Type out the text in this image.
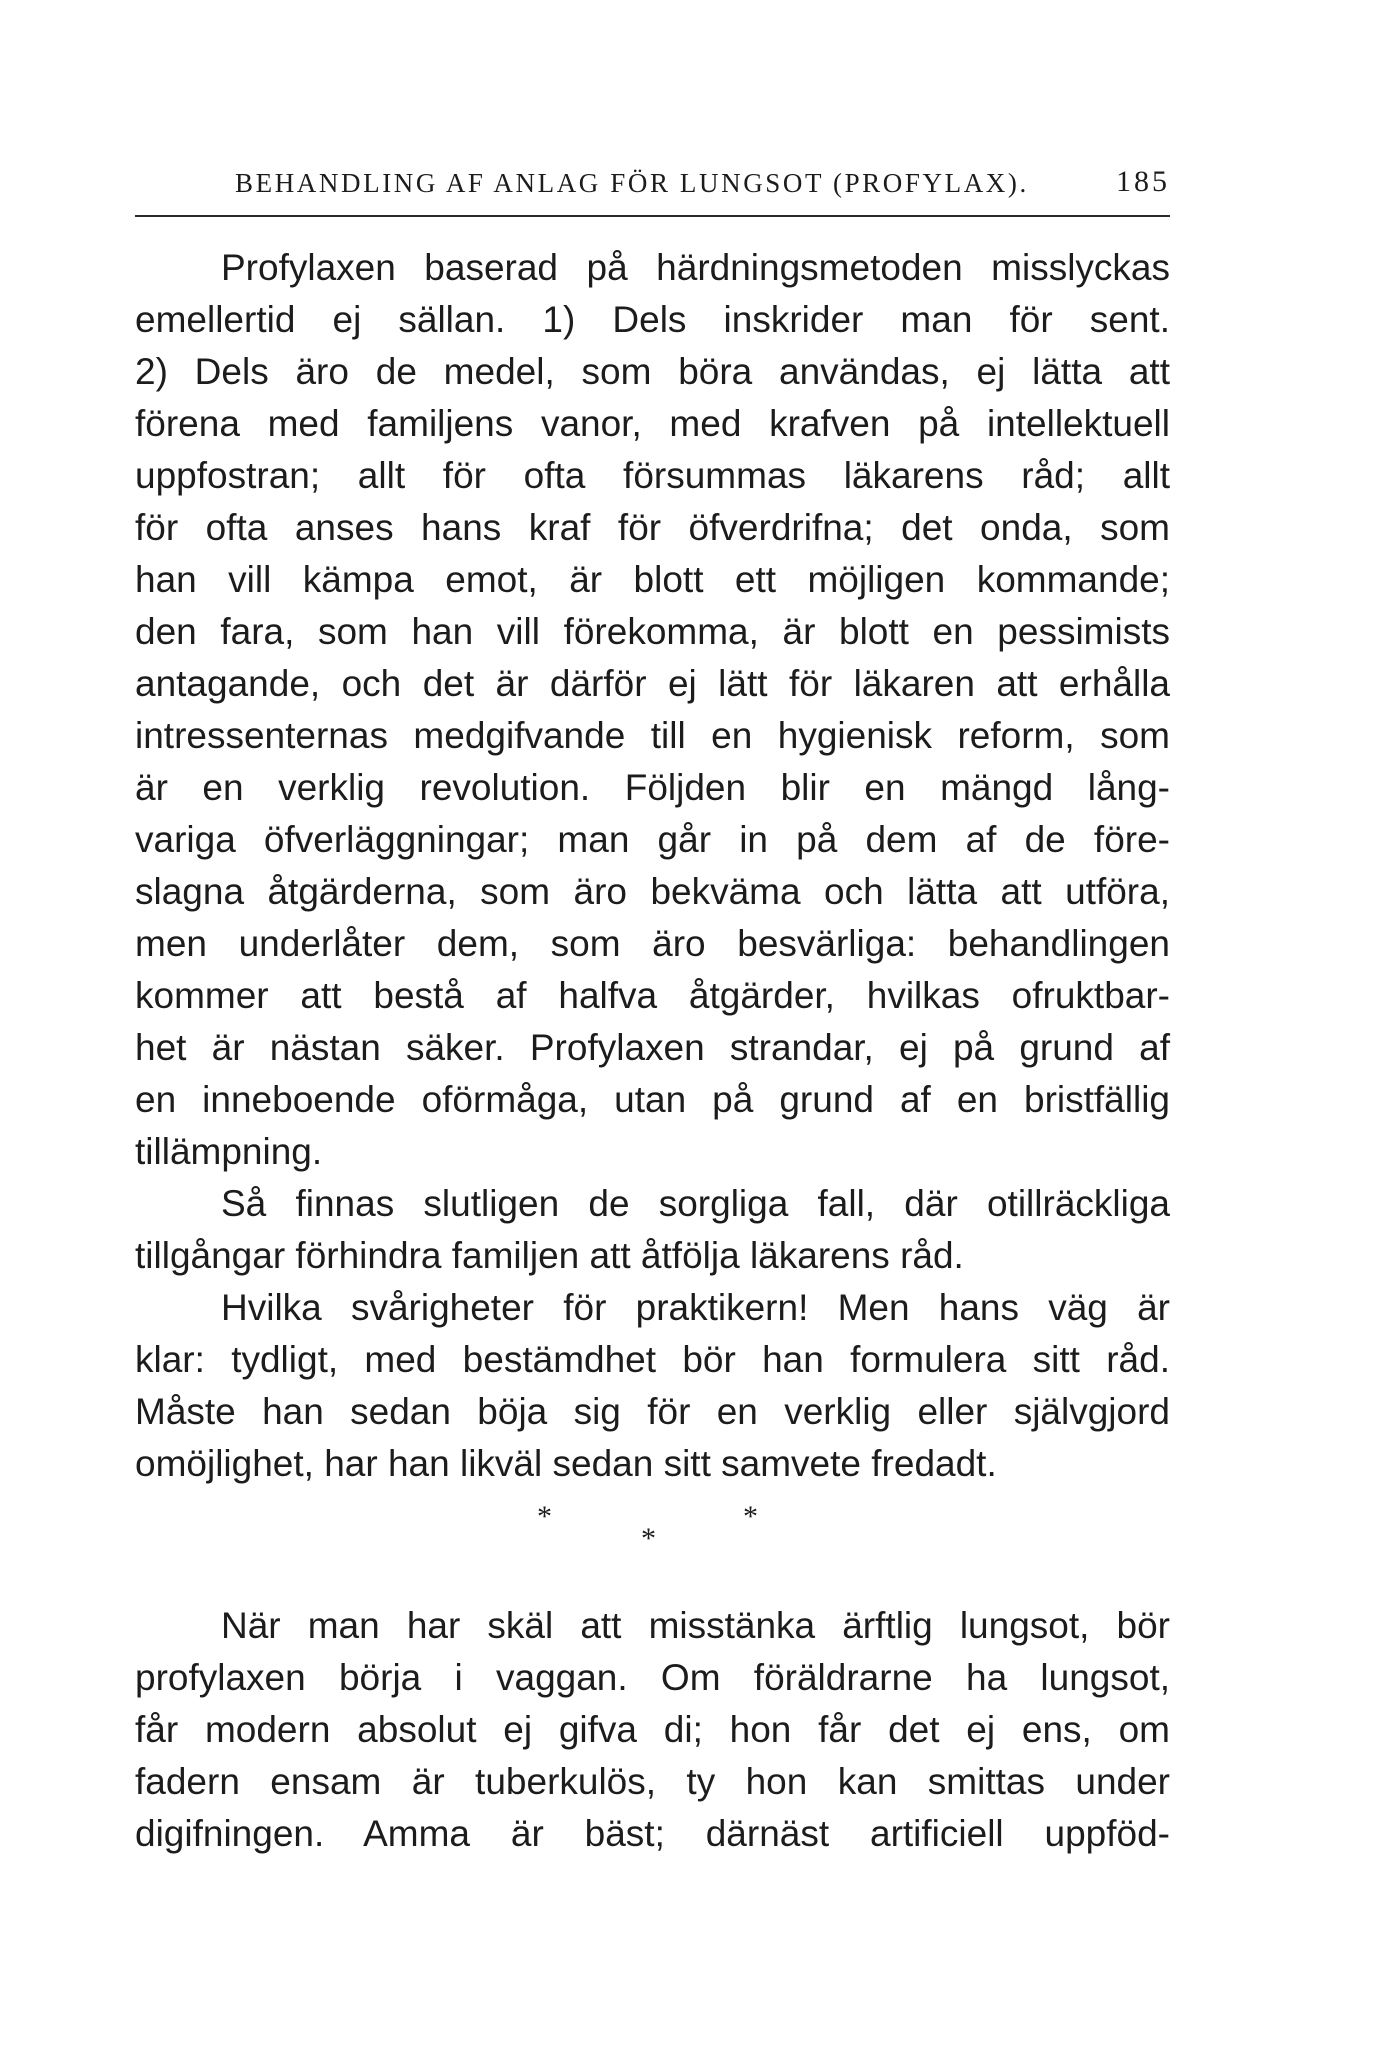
BEHANDLING AF ANLAG FÖR LUNGSOT (PROFYLAX).	185
Profylaxen baserad på härdningsmetoden misslyckas
emellertid ej sällan. 1) Dels inskrider man för sent.
2) Dels äro de medel, som böra användas, ej lätta att
förena med familjens vanor, med krafven på intellektuell
uppfostran; allt för ofta försummas läkarens råd; allt
för ofta anses hans kraf för öfverdrifna; det onda, som
han vill kämpa emot, är blott ett möjligen kommande;
den fara, som han vill förekomma, är blott en pessimists
antagande, och det är därför ej lätt för läkaren att erhålla
intressenternas medgifvande till en hygienisk reform, som
är en verklig revolution. Följden blir en mängd lång-
variga öfverläggningar; man går in på dem af de före-
slagna åtgärderna, som äro bekväma och lätta att utföra,
men underlåter dem, som äro besvärliga: behandlingen
kommer att bestå af halfva åtgärder, hvilkas ofruktbar-
het är nästan säker. Profylaxen strandar, ej på grund af
en inneboende oförmåga, utan på grund af en bristfällig
tillämpning.
Så finnas slutligen de sorgliga fall, där otillräckliga
tillgångar förhindra familjen att åtfölja läkarens råd.
Hvilka svårigheter för praktikern! Men hans väg är
klar: tydligt, med bestämdhet bör han formulera sitt råd.
Måste han sedan böja sig för en verklig eller självgjord
omöjlighet, har han likväl sedan sitt samvete fredadt.
*
*
*
När man har skäl att misstänka ärftlig lungsot, bör
profylaxen börja i vaggan. Om föräldrarne ha lungsot,
får modern absolut ej gifva di; hon får det ej ens, om
fadern ensam är tuberkulös, ty hon kan smittas under
digifningen. Amma är bäst; därnäst artificiell uppföd-
